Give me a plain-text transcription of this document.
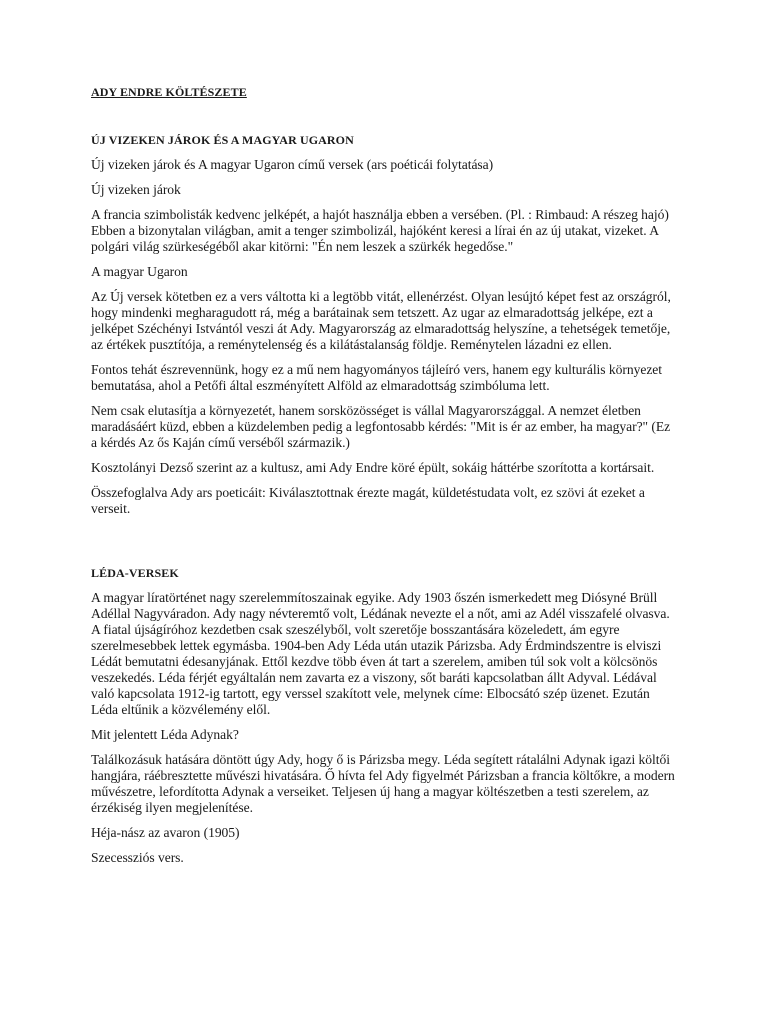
ADY ENDRE KÖLTÉSZETE
ÚJ VIZEKEN JÁROK ÉS A MAGYAR UGARON

Új vizeken járok és A magyar Ugaron című versek (ars poéticái folytatása)

Új vizeken járok

A francia szimbolisták kedvenc jelképét, a hajót használja ebben a versében. (Pl. : Rimbaud: A részeg hajó) Ebben a bizonytalan világban, amit a tenger szimbolizál, hajóként keresi a lírai én az új utakat, vizeket. A polgári világ szürkeségéből akar kitörni: "Én nem leszek a szürkék hegedőse."

A magyar Ugaron

Az Új versek kötetben ez a vers váltotta ki a legtöbb vitát, ellenérzést. Olyan lesújtó képet fest az országról, hogy mindenki megharagudott rá, még a barátainak sem tetszett. Az ugar az elmaradottság jelképe, ezt a jelképet Széchényi Istvántól veszi át Ady. Magyarország az elmaradottság helyszíne, a tehetségek temetője, az értékek pusztítója, a reménytelenség és a kilátástalanság földje. Reménytelen lázadni ez ellen.

Fontos tehát észrevennünk, hogy ez a mű nem hagyományos tájleíró vers, hanem egy kulturális környezet bemutatása, ahol a Petőfi által eszményített Alföld az elmaradottság szimbóluma lett.

Nem csak elutasítja a környezetét, hanem sorsközösséget is vállal Magyarországgal. A nemzet életben maradásáért küzd, ebben a küzdelemben pedig a legfontosabb kérdés: "Mit is ér az ember, ha magyar?" (Ez a kérdés Az ős Kaján című verséből származik.)

Kosztolányi Dezső szerint az a kultusz, ami Ady Endre köré épült, sokáig háttérbe szorította a kortársait.

Összefoglalva Ady ars poeticáit: Kiválasztottnak érezte magát, küldetéstudata volt, ez szövi át ezeket a verseit.

LÉDA-VERSEK

A magyar líratörténet nagy szerelemmítoszainak egyike. Ady 1903 őszén ismerkedett meg Diósyné Brüll Adéllal Nagyváradon. Ady nagy névteremtő volt, Lédának nevezte el a nőt, ami az Adél visszafelé olvasva. A fiatal újságíróhoz kezdetben csak szeszélyből, volt szeretője bosszantására közeledett, ám egyre szerelmesebbek lettek egymásba. 1904-ben Ady Léda után utazik Párizsba. Ady Érdmindszentre is elviszi Lédát bemutatni édesanyjának. Ettől kezdve több éven át tart a szerelem, amiben túl sok volt a kölcsönös veszekedés. Léda férjét egyáltalán nem zavarta ez a viszony, sőt baráti kapcsolatban állt Adyval. Lédával való kapcsolata 1912-ig tartott, egy verssel szakított vele, melynek címe: Elbocsátó szép üzenet. Ezután Léda eltűnik a közvélemény elől.

Mit jelentett Léda Adynak?

Találkozásuk hatására döntött úgy Ady, hogy ő is Párizsba megy. Léda segített rátalálni Adynak igazi költői hangjára, ráébresztette művészi hivatására. Ő hívta fel Ady figyelmét Párizsban a francia költőkre, a modern művészetre, lefordította Adynak a verseiket. Teljesen új hang a magyar költészetben a testi szerelem, az érzékiség ilyen megjelenítése.

Héja-nász az avaron (1905)

Szecessziós vers.
